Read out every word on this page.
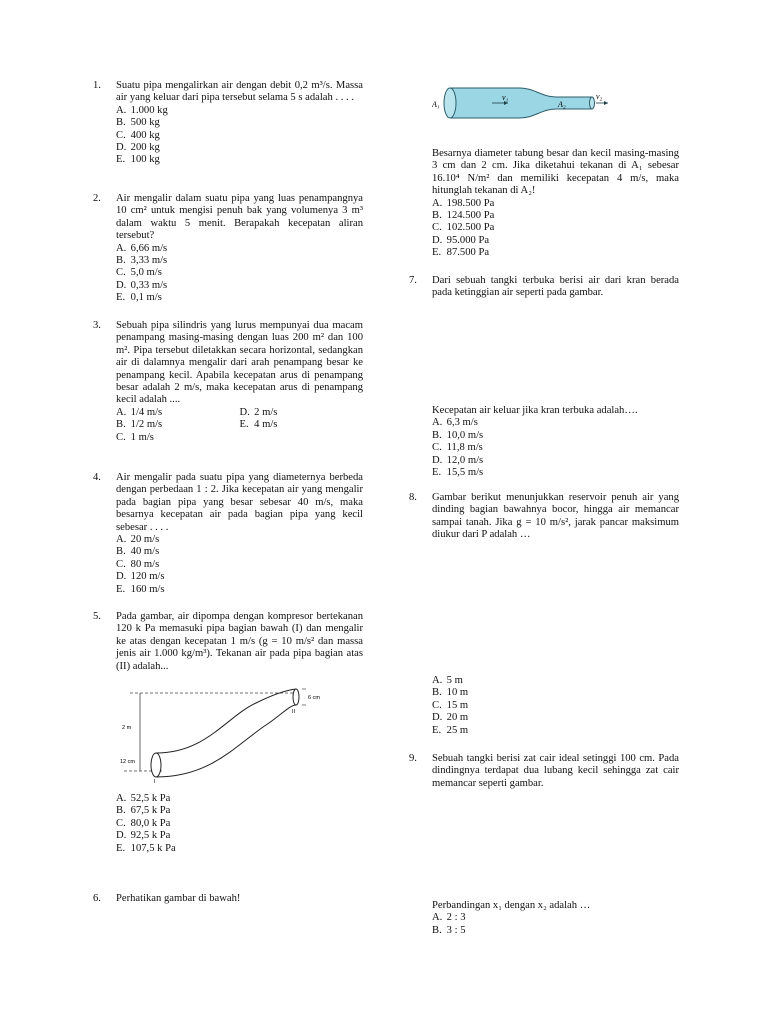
1.	Suatu pipa mengalirkan air dengan debit 0,2 m³/s. Massa air yang keluar dari pipa tersebut selama 5 s adalah . . . .
A. 1.000 kg
B. 500 kg
C. 400 kg
D. 200 kg
E. 100 kg
2.	Air mengalir dalam suatu pipa yang luas penampangnya 10 cm² untuk mengisi penuh bak yang volumenya 3 m³ dalam waktu 5 menit. Berapakah kecepatan aliran tersebut?
A. 6,66 m/s
B. 3,33 m/s
C. 5,0 m/s
D. 0,33 m/s
E. 0,1 m/s
3.	Sebuah pipa silindris yang lurus mempunyai dua macam penampang masing-masing dengan luas 200 m² dan 100 m². Pipa tersebut diletakkan secara horizontal, sedangkan air di dalamnya mengalir dari arah penampang besar ke penampang kecil. Apabila kecepatan arus di penampang besar adalah 2 m/s, maka kecepatan arus di penampang kecil adalah ....
A. 1/4 m/s
B. 1/2 m/s
C. 1 m/s
D. 2 m/s
E. 4 m/s
4.	Air mengalir pada suatu pipa yang diameternya berbeda dengan perbedaan 1 : 2. Jika kecepatan air yang mengalir pada bagian pipa yang besar sebesar 40 m/s, maka besarnya kecepatan air pada bagian pipa yang kecil sebesar . . . .
A. 20 m/s
B. 40 m/s
C. 80 m/s
D. 120 m/s
E. 160 m/s
5.	Pada gambar, air dipompa dengan kompresor bertekanan 120 k Pa memasuki pipa bagian bawah (I) dan mengalir ke atas dengan kecepatan 1 m/s (g = 10 m/s² dan massa jenis air 1.000 kg/m³). Tekanan air pada pipa bagian atas (II) adalah...
6 cm
2 m
12 cm
I
II
A. 52,5 k Pa
B. 67,5 k Pa
C. 80,0 k Pa
D. 92,5 k Pa
E. 107,5 k Pa
6.	Perhatikan gambar di bawah!
A₁
v₁
A₂
v₂
Besarnya diameter tabung besar dan kecil masing-masing 3 cm dan 2 cm. Jika diketahui tekanan di A₁ sebesar 16.10⁴ N/m² dan memiliki kecepatan 4 m/s, maka hitunglah tekanan di A₂!
A. 198.500 Pa
B. 124.500 Pa
C. 102.500 Pa
D. 95.000 Pa
E. 87.500 Pa
7.	Dari sebuah tangki terbuka berisi air dari kran berada pada ketinggian air seperti pada gambar.
Kecepatan air keluar jika kran terbuka adalah….
A. 6,3 m/s
B. 10,0 m/s
C. 11,8 m/s
D. 12,0 m/s
E. 15,5 m/s
8.	Gambar berikut menunjukkan reservoir penuh air yang dinding bagian bawahnya bocor, hingga air memancar sampai tanah. Jika g = 10 m/s², jarak pancar maksimum diukur dari P adalah …
A. 5 m
B. 10 m
C. 15 m
D. 20 m
E. 25 m
9.	Sebuah tangki berisi zat cair ideal setinggi 100 cm. Pada dindingnya terdapat dua lubang kecil sehingga zat cair memancar seperti gambar.
Perbandingan x₁ dengan x₂ adalah …
A. 2 : 3
B. 3 : 5
